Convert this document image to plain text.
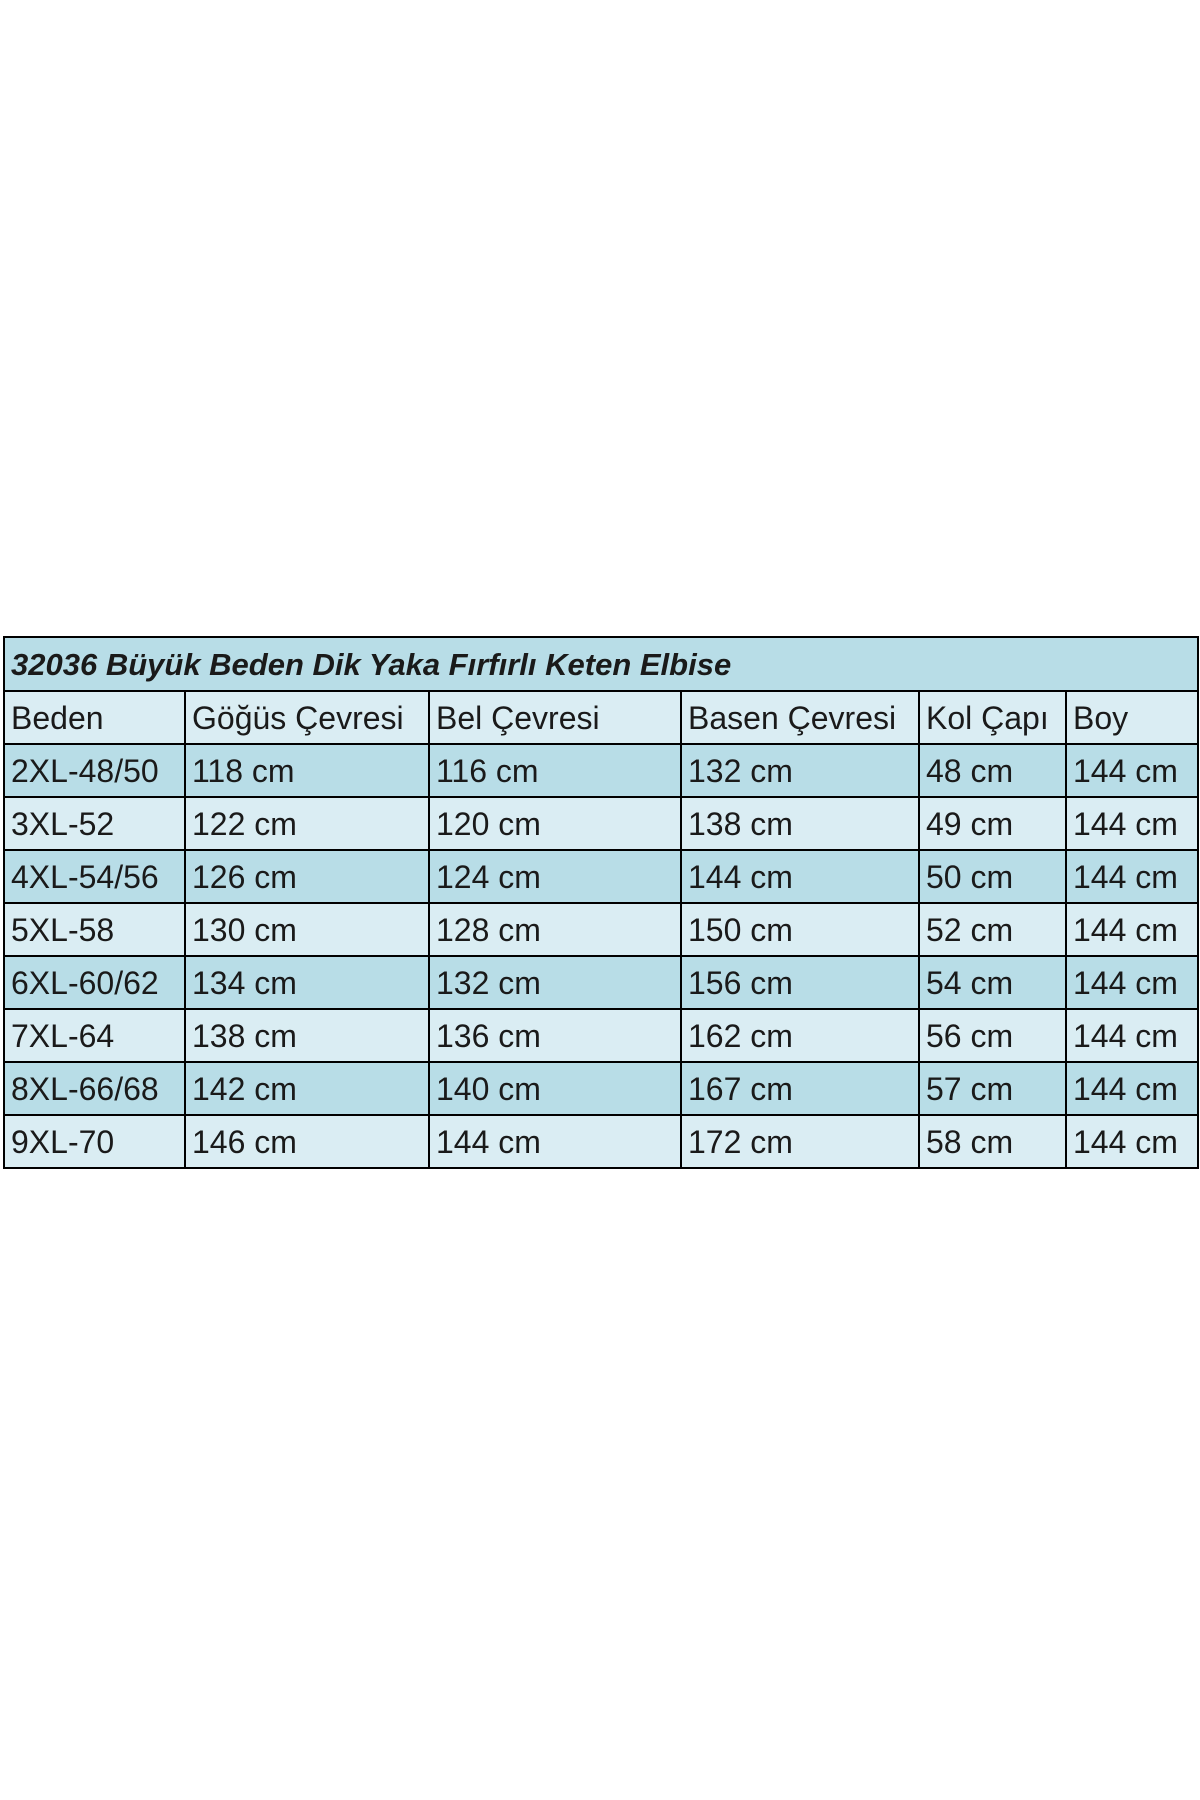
32036 Büyük Beden Dik Yaka Fırfırlı Keten Elbise					
Beden	Göğüs Çevresi	Bel Çevresi	Basen Çevresi	Kol Çapı	Boy
2XL-48/50	118 cm	116 cm	132 cm	48 cm	144 cm
3XL-52	122 cm	120 cm	138 cm	49 cm	144 cm
4XL-54/56	126 cm	124 cm	144 cm	50 cm	144 cm
5XL-58	130 cm	128 cm	150 cm	52 cm	144 cm
6XL-60/62	134 cm	132 cm	156 cm	54 cm	144 cm
7XL-64	138 cm	136 cm	162 cm	56 cm	144 cm
8XL-66/68	142 cm	140 cm	167 cm	57 cm	144 cm
9XL-70	146 cm	144 cm	172 cm	58 cm	144 cm
